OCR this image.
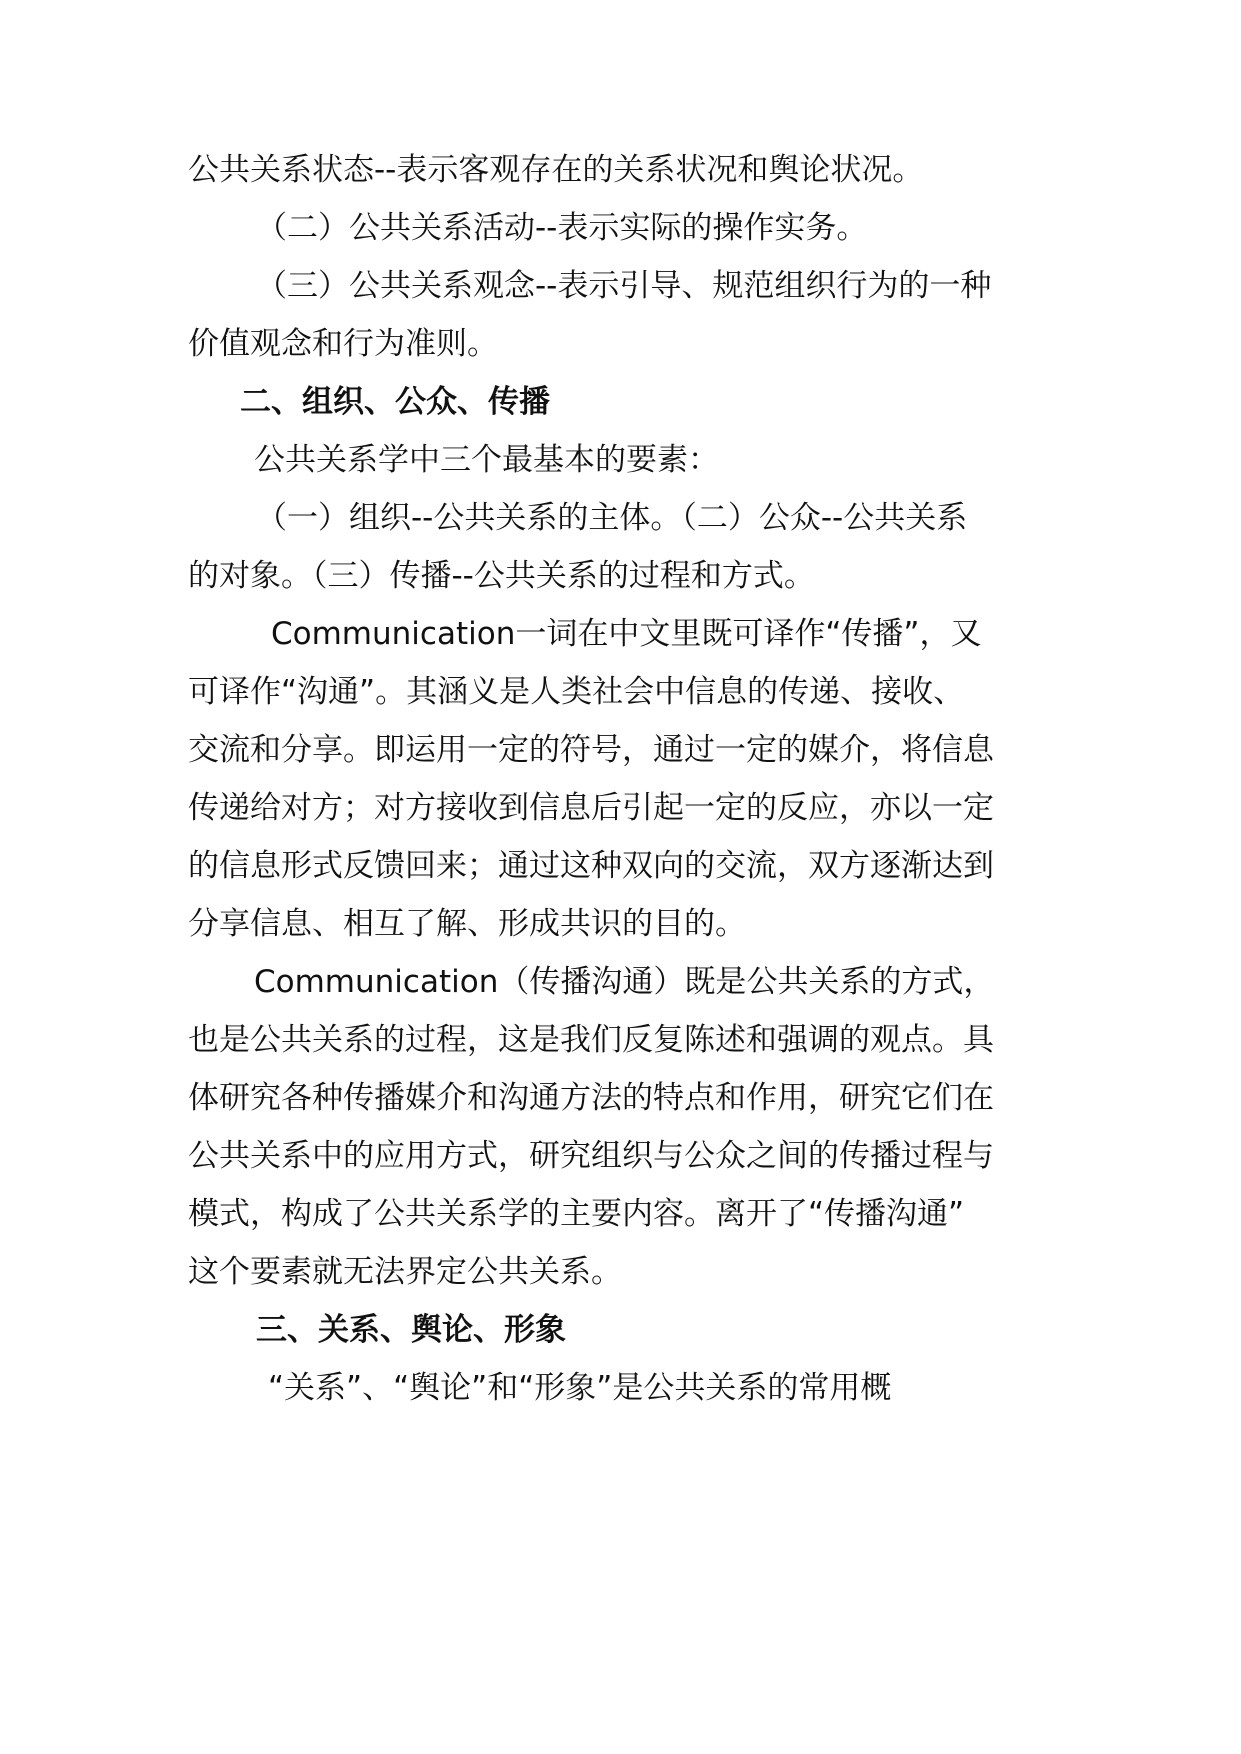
公共关系状态--表示客观存在的关系状况和舆论状况。
（二）公共关系活动--表示实际的操作实务。
（三）公共关系观念--表示引导、规范组织行为的一种
价值观念和行为准则。
二、组织、公众、传播
公共关系学中三个最基本的要素：
（一）组织--公共关系的主体。（二）公众--公共关系
的对象。（三）传播--公共关系的过程和方式。
Communication一词在中文里既可译作“传播”，又
可译作“沟通”。其涵义是人类社会中信息的传递、接收、
交流和分享。即运用一定的符号，通过一定的媒介，将信息
传递给对方；对方接收到信息后引起一定的反应，亦以一定
的信息形式反馈回来；通过这种双向的交流，双方逐渐达到
分享信息、相互了解、形成共识的目的。
Communication（传播沟通）既是公共关系的方式，
也是公共关系的过程，这是我们反复陈述和强调的观点。具
体研究各种传播媒介和沟通方法的特点和作用，研究它们在
公共关系中的应用方式，研究组织与公众之间的传播过程与
模式，构成了公共关系学的主要内容。离开了“传播沟通”
这个要素就无法界定公共关系。
三、关系、舆论、形象
“关系”、“舆论”和“形象”是公共关系的常用概
